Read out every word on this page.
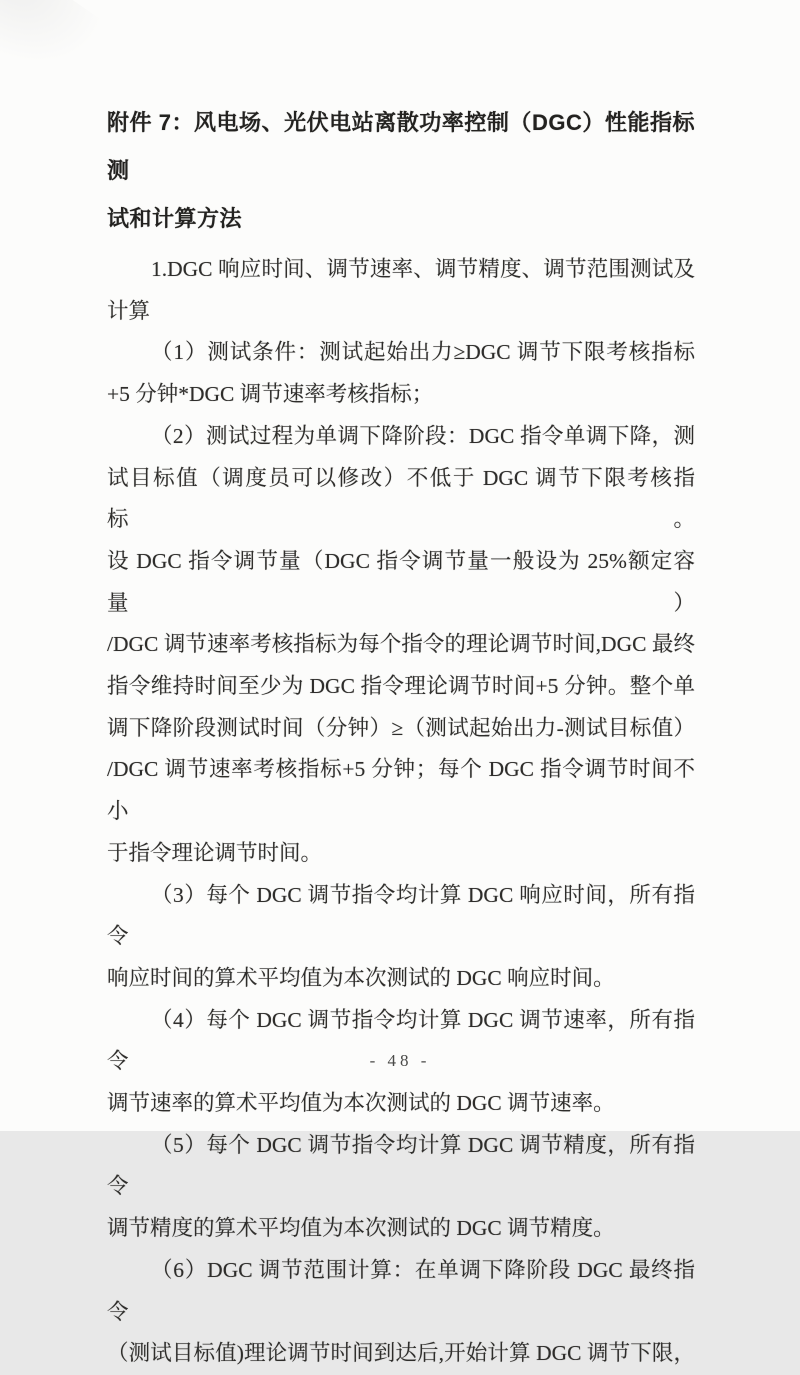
附件 7：风电场、光伏电站离散功率控制（DGC）性能指标测
试和计算方法
1.DGC 响应时间、调节速率、调节精度、调节范围测试及
计算
（1）测试条件：测试起始出力≥DGC 调节下限考核指标
+5 分钟*DGC 调节速率考核指标；
（2）测试过程为单调下降阶段：DGC 指令单调下降，测
试目标值（调度员可以修改）不低于 DGC 调节下限考核指标。
设 DGC 指令调节量（DGC 指令调节量一般设为 25%额定容量）
/DGC 调节速率考核指标为每个指令的理论调节时间,DGC 最终
指令维持时间至少为 DGC 指令理论调节时间+5 分钟。整个单
调下降阶段测试时间（分钟）≥（测试起始出力-测试目标值）
/DGC 调节速率考核指标+5 分钟；每个 DGC 指令调节时间不小
于指令理论调节时间。
（3）每个 DGC 调节指令均计算 DGC 响应时间，所有指令
响应时间的算术平均值为本次测试的 DGC 响应时间。
（4）每个 DGC 调节指令均计算 DGC 调节速率，所有指令
调节速率的算术平均值为本次测试的 DGC 调节速率。
（5）每个 DGC 调节指令均计算 DGC 调节精度，所有指令
调节精度的算术平均值为本次测试的 DGC 调节精度。
（6）DGC 调节范围计算：在单调下降阶段 DGC 最终指令
（测试目标值)理论调节时间到达后,开始计算 DGC 调节下限，
- 48 -
